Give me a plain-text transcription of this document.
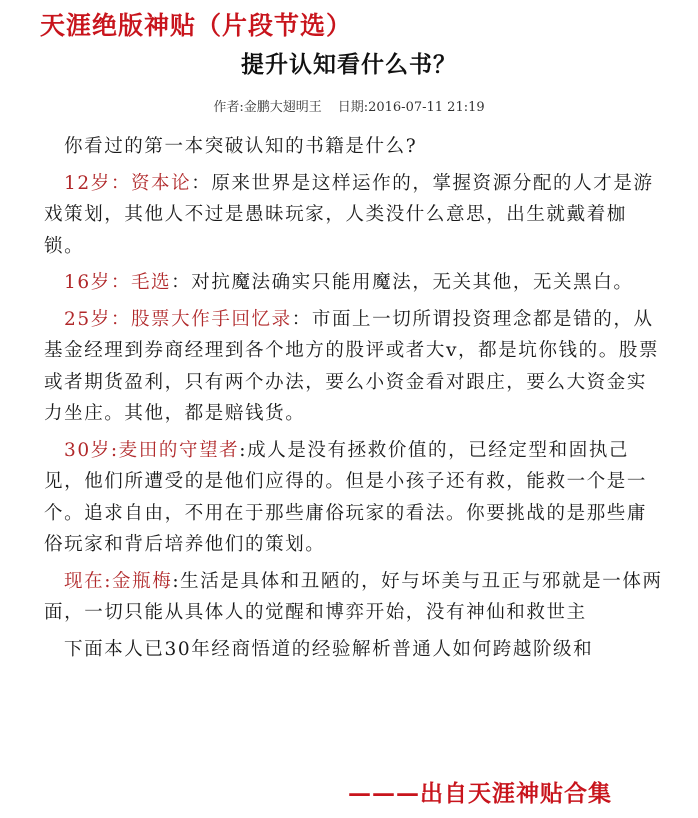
天涯绝版神贴（片段节选）
提升认知看什么书？
作者:金鹏大翅明王 日期:2016-07-11 21:19

你看过的第一本突破认知的书籍是什么?

12岁：资本论：原来世界是这样运作的，掌握资源分配的人才是游戏策划，其他人不过是愚昧玩家，人类没什么意思，出生就戴着枷锁。

16岁：毛选：对抗魔法确实只能用魔法，无关其他，无关黑白。

25岁：股票大作手回忆录：市面上一切所谓投资理念都是错的，从基金经理到券商经理到各个地方的股评或者大v，都是坑你钱的。股票或者期货盈利，只有两个办法，要么小资金看对跟庄，要么大资金实力坐庄。其他，都是赔钱货。

30岁:麦田的守望者:成人是没有拯救价值的，已经定型和固执己见，他们所遭受的是他们应得的。但是小孩子还有救，能救一个是一个。追求自由，不用在于那些庸俗玩家的看法。你要挑战的是那些庸俗玩家和背后培养他们的策划。

现在:金瓶梅:生活是具体和丑陋的，好与坏美与丑正与邪就是一体两面，一切只能从具体人的觉醒和博弈开始，没有神仙和救世主

下面本人已30年经商悟道的经验解析普通人如何跨越阶级和

———出自天涯神贴合集
